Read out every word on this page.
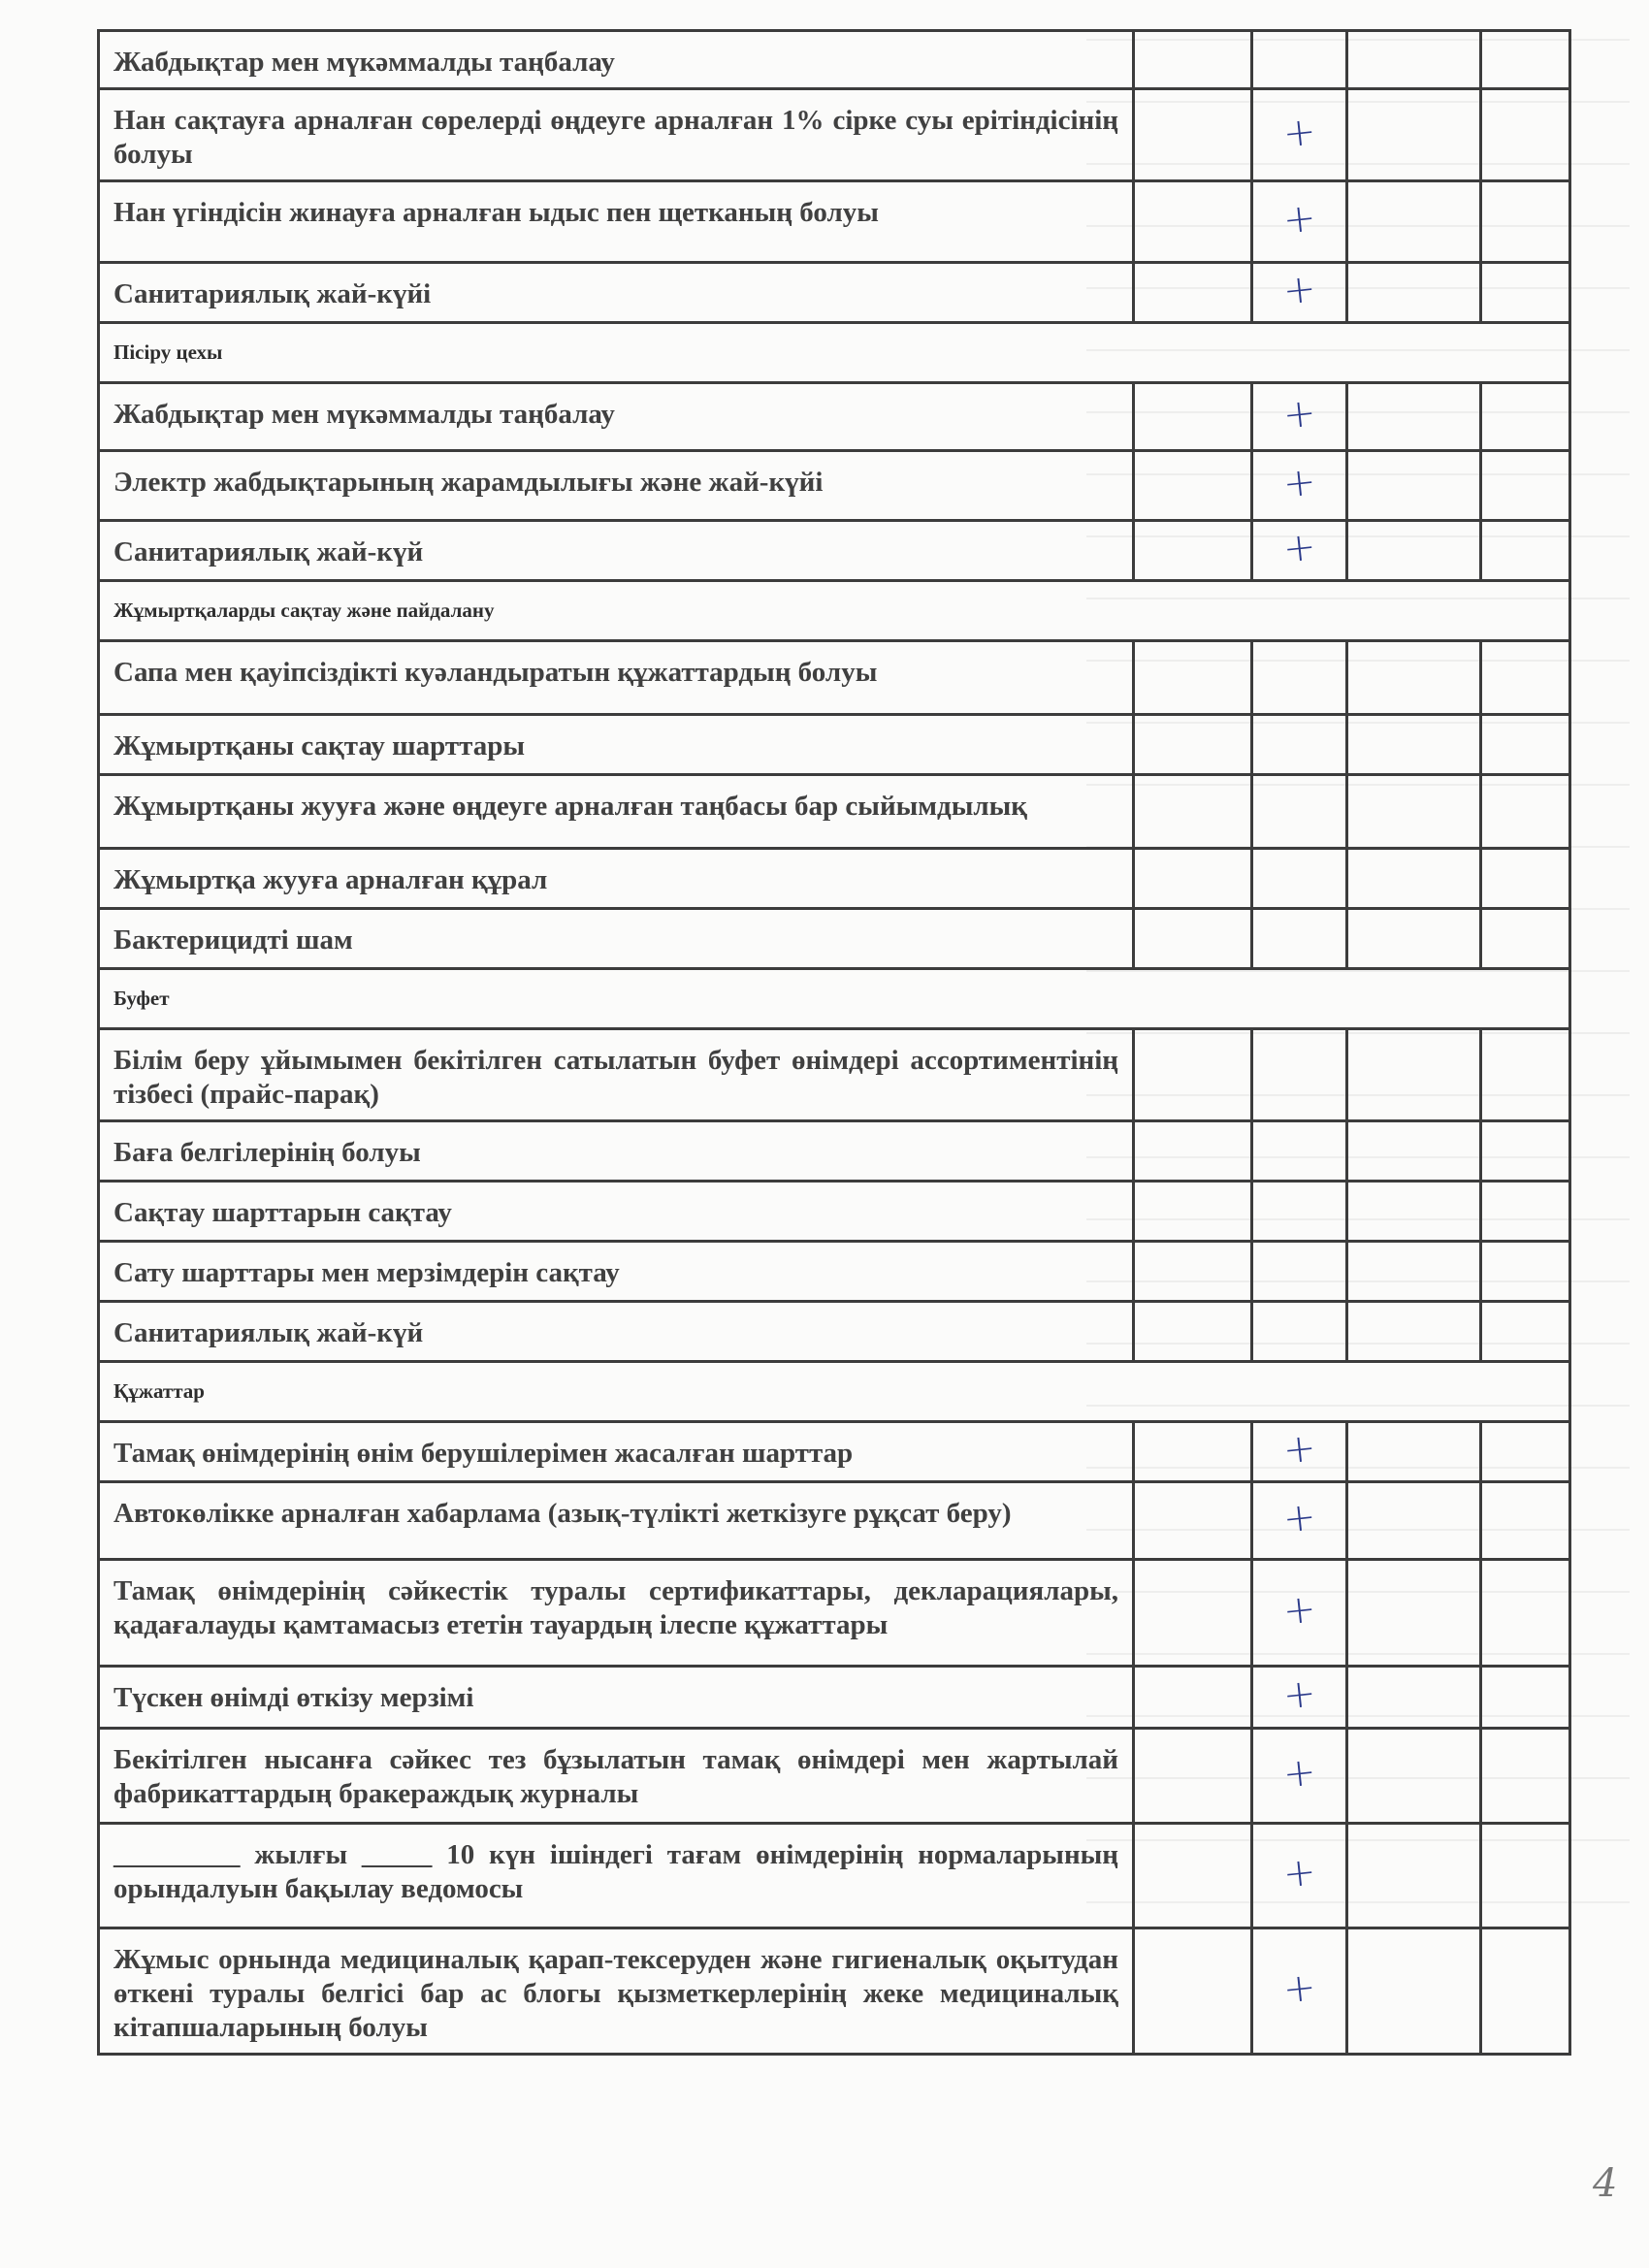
Жабдықтар мен мүкәммалды таңбалау				
Нан сақтауға арналған сөрелерді өңдеуге арналған 1% сірке суы ерітіндісінің болуы		+		
Нан үгіндісін жинауға арналған ыдыс пен щетканың болуы		+		
Санитариялық жай-күйі		+		
Пісіру цехы				
Жабдықтар мен мүкәммалды таңбалау		+		
Электр жабдықтарының жарамдылығы және жай-күйі		+		
Санитариялық жай-күй		+		
Жұмыртқаларды сақтау және пайдалану				
Сапа мен қауіпсіздікті куәландыратын құжаттардың болуы				
Жұмыртқаны сақтау шарттары				
Жұмыртқаны жууға және өңдеуге арналған таңбасы бар сыйымдылық				
Жұмыртқа жууға арналған құрал				
Бактерицидті шам				
Буфет				
Білім беру ұйымымен бекітілген сатылатын буфет өнімдері ассортиментінің тізбесі (прайс-парақ)				
Баға белгілерінің болуы				
Сақтау шарттарын сақтау				
Сату шарттары мен мерзімдерін сақтау				
Санитариялық жай-күй				
Құжаттар				
Тамақ өнімдерінің өнім берушілерімен жасалған шарттар		+		
Автокөлікке арналған хабарлама (азық-түлікті жеткізуге рұқсат беру)		+		
Тамақ өнімдерінің сәйкестік туралы сертификаттары, декларациялары, қадағалауды қамтамасыз ететін тауардың ілеспе құжаттары		+		
Түскен өнімді өткізу мерзімі		+		
Бекітілген нысанға сәйкес тез бұзылатын тамақ өнімдері мен жартылай фабрикаттардың бракераждық журналы		+		
_________ жылғы _____ 10 күн ішіндегі тағам өнімдерінің нормаларының орындалуын бақылау ведомосы		+		
Жұмыс орнында медициналық қарап-тексеруден және гигиеналық оқытудан өткені туралы белгісі бар ас блогы қызметкерлерінің жеке медициналық кітапшаларының болуы		+		
4
